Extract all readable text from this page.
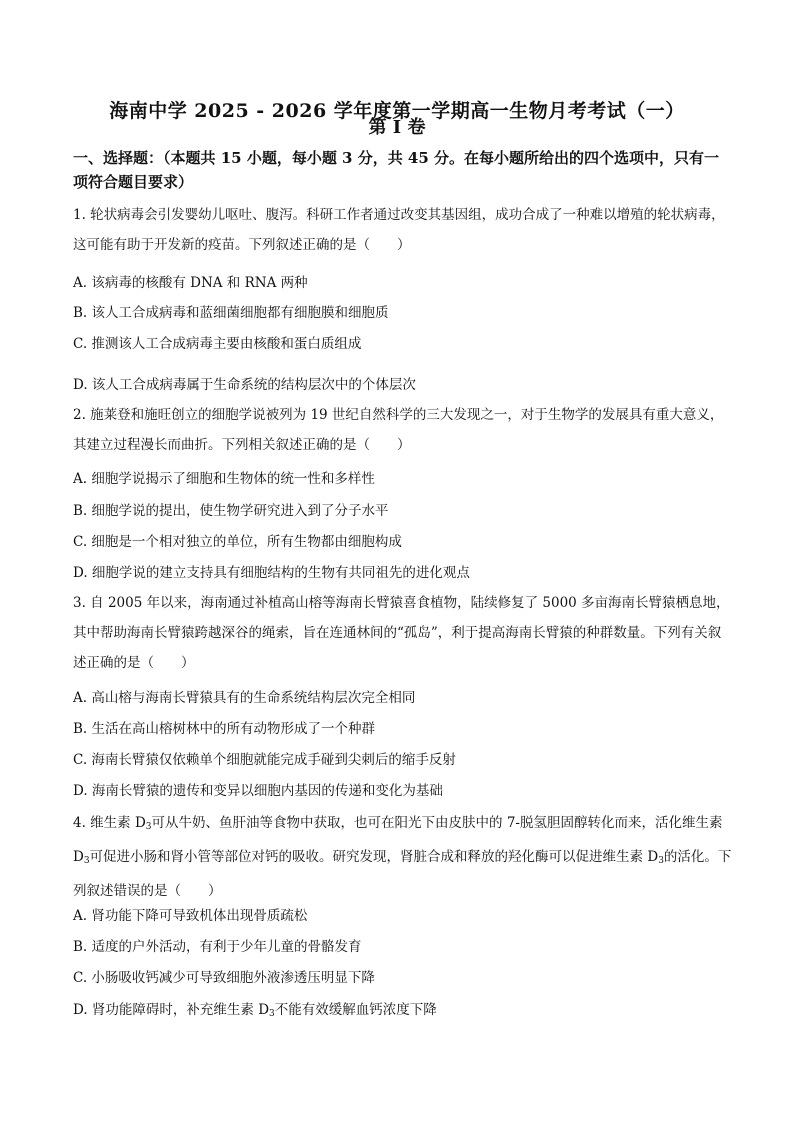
海南中学 2025 - 2026 学年度第一学期高一生物月考考试（一）
第 I 卷
一、选择题：（本题共 15 小题，每小题 3 分，共 45 分。在每小题所给出的四个选项中，只有一项符合题目要求）
1. 轮状病毒会引发婴幼儿呕吐、腹泻。科研工作者通过改变其基因组，成功合成了一种难以增殖的轮状病毒，这可能有助于开发新的疫苗。下列叙述正确的是（　　）
A. 该病毒的核酸有 DNA 和 RNA 两种
B. 该人工合成病毒和蓝细菌细胞都有细胞膜和细胞质
C. 推测该人工合成病毒主要由核酸和蛋白质组成
D. 该人工合成病毒属于生命系统的结构层次中的个体层次
2. 施莱登和施旺创立的细胞学说被列为 19 世纪自然科学的三大发现之一，对于生物学的发展具有重大意义，其建立过程漫长而曲折。下列相关叙述正确的是（　　）
A. 细胞学说揭示了细胞和生物体的统一性和多样性
B. 细胞学说的提出，使生物学研究进入到了分子水平
C. 细胞是一个相对独立的单位，所有生物都由细胞构成
D. 细胞学说的建立支持具有细胞结构的生物有共同祖先的进化观点
3. 自 2005 年以来，海南通过补植高山榕等海南长臂猿喜食植物，陆续修复了 5000 多亩海南长臂猿栖息地，其中帮助海南长臂猿跨越深谷的绳索，旨在连通林间的“孤岛”，利于提高海南长臂猿的种群数量。下列有关叙述正确的是（　　）
A. 高山榕与海南长臂猿具有的生命系统结构层次完全相同
B. 生活在高山榕树林中的所有动物形成了一个种群
C. 海南长臂猿仅依赖单个细胞就能完成手碰到尖刺后的缩手反射
D. 海南长臂猿的遗传和变异以细胞内基因的传递和变化为基础
4. 维生素 $D_3$可从牛奶、鱼肝油等食物中获取，也可在阳光下由皮肤中的 7-脱氢胆固醇转化而来，活化维生素 $D_3$可促进小肠和肾小管等部位对钙的吸收。研究发现，肾脏合成和释放的羟化酶可以促进维生素 $D_3$的活化。下列叙述错误的是（　　）
A. 肾功能下降可导致机体出现骨质疏松
B. 适度的户外活动，有利于少年儿童的骨骼发育
C. 小肠吸收钙减少可导致细胞外液渗透压明显下降
D. 肾功能障碍时，补充维生素 $D_3$不能有效缓解血钙浓度下降
